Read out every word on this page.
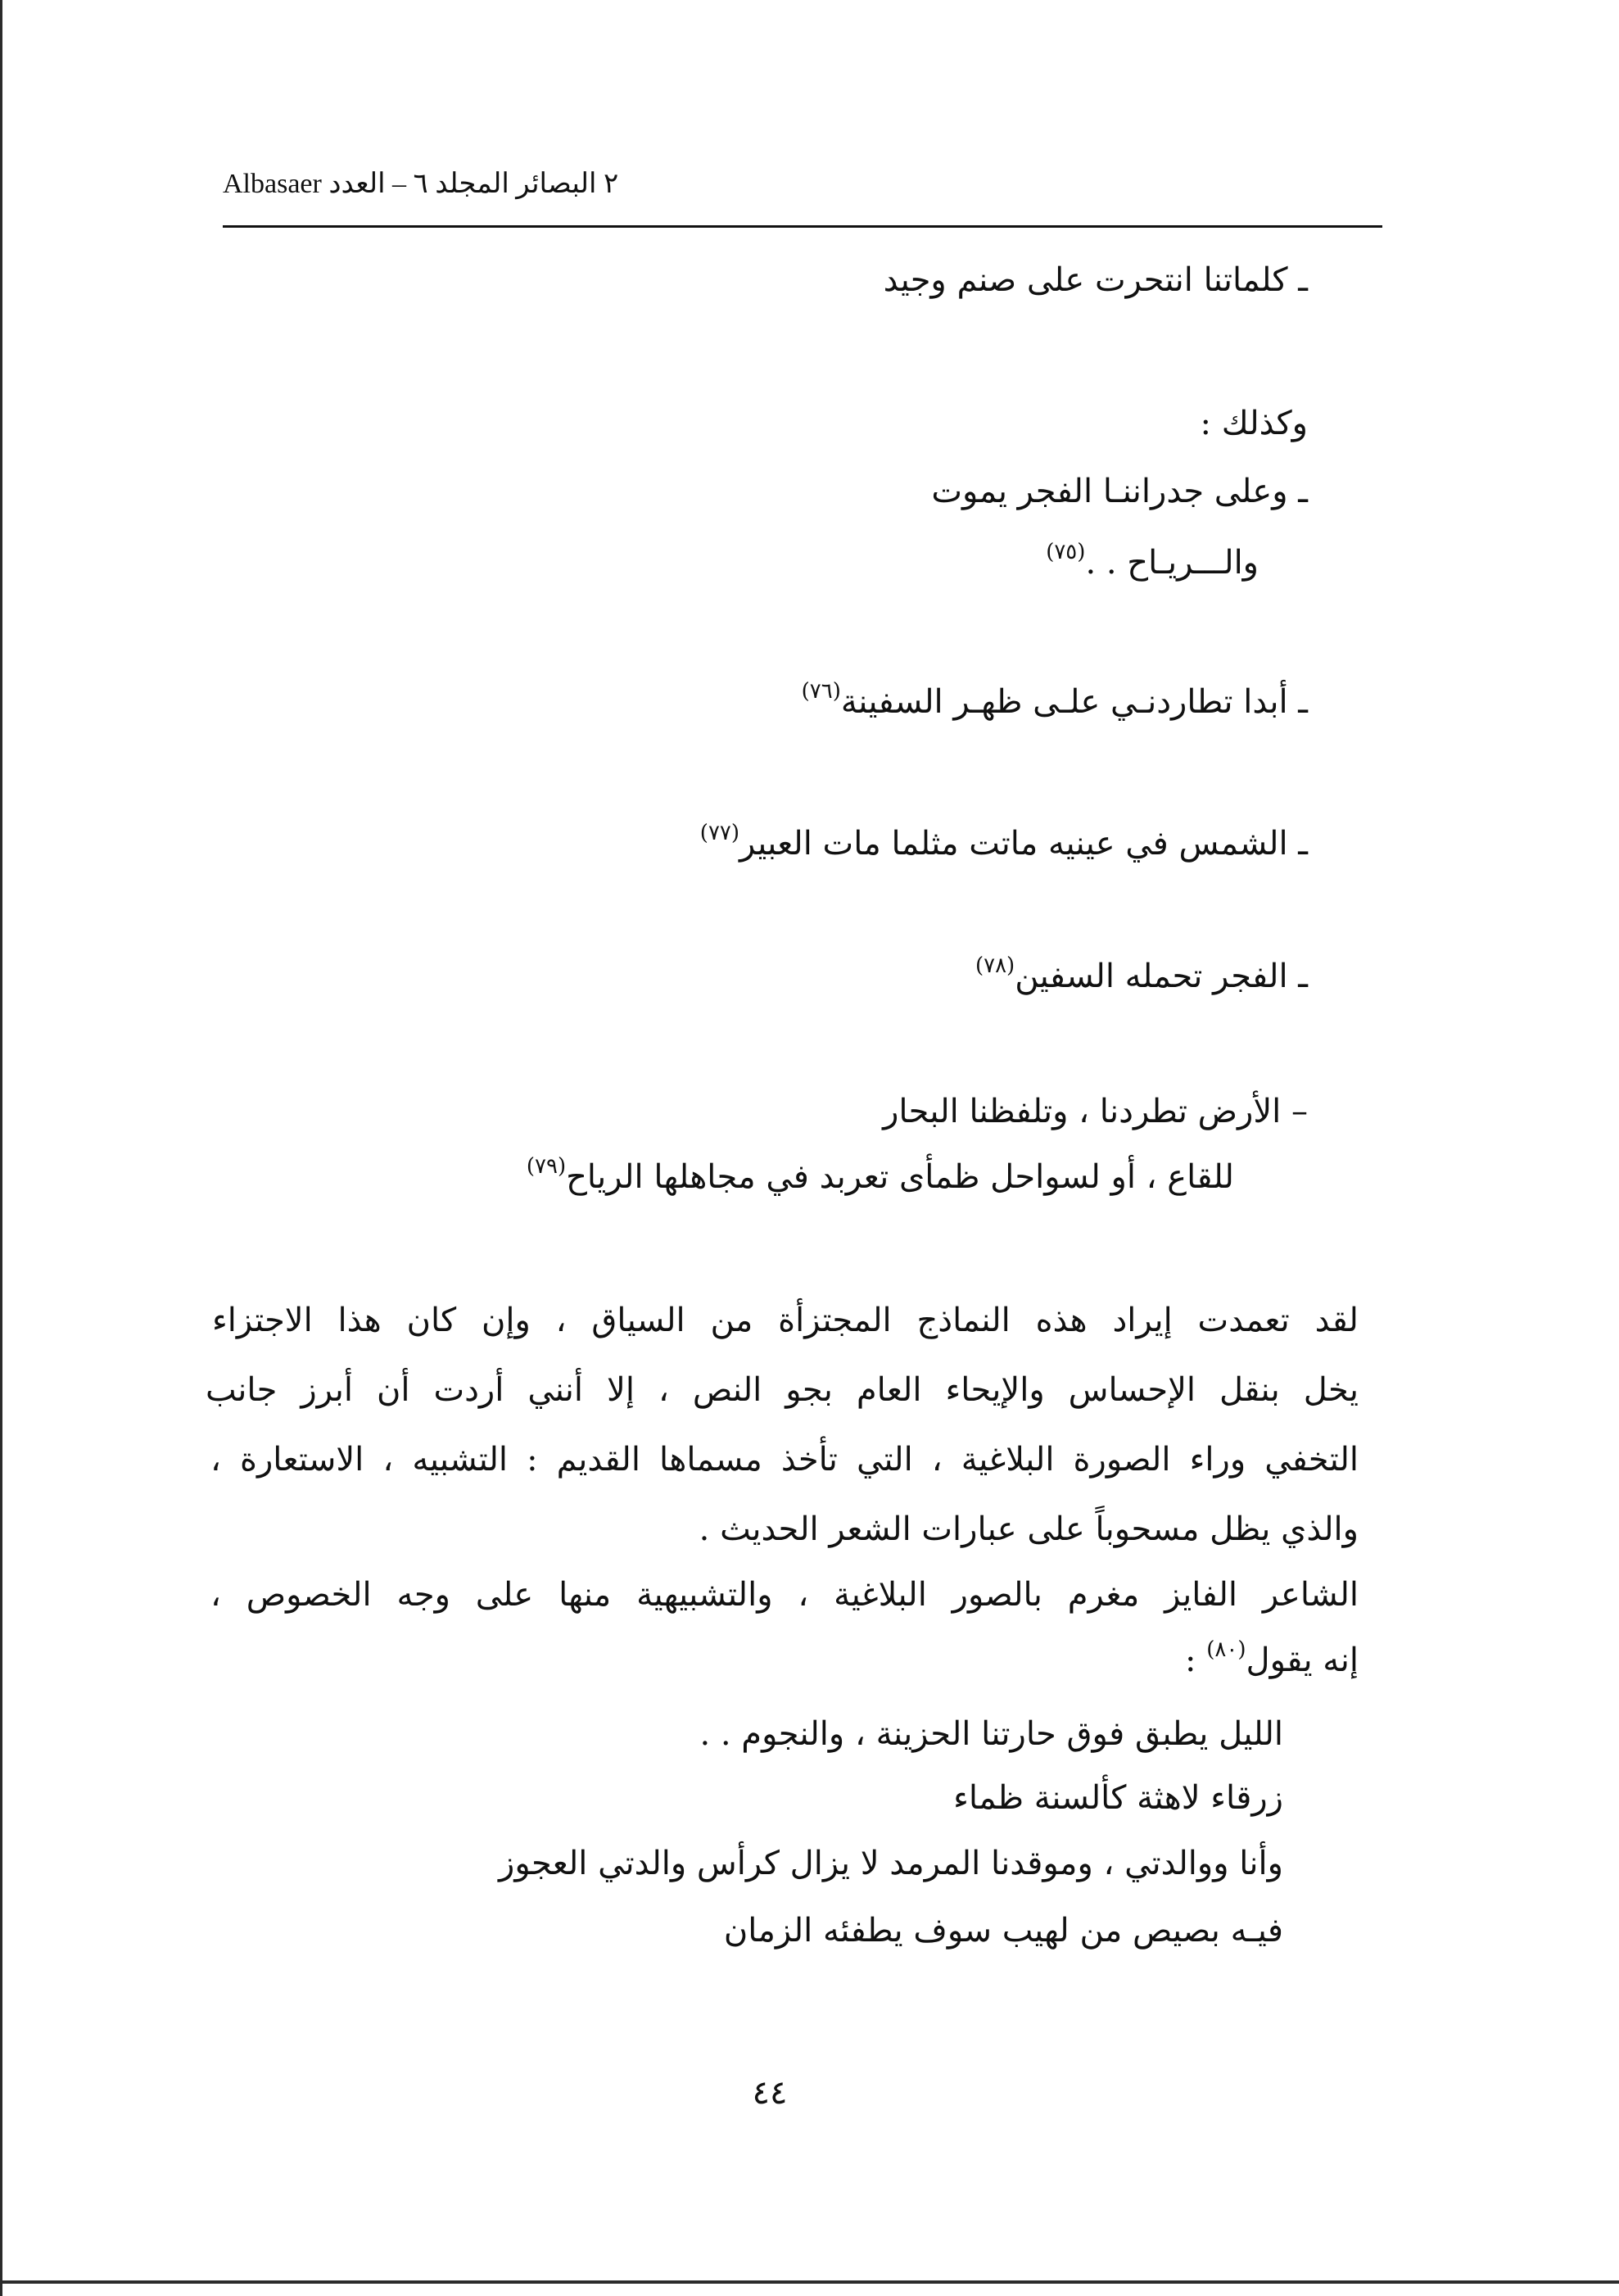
Albasaer ٢ البصائر المجلد ٦ – العدد
ـ كلماتنا انتحرت على صنم وجيد
وكذلك :
ـ وعلى جدراننـا الفجر يموت
والـــريـاح . .$^{(٧٥)}$
ـ أبدا تطاردنـي علـى ظهـر السفينة$^{(٧٦)}$
ـ الشمس في عينيه ماتت مثلما مات العبير$^{(٧٧)}$
ـ الفجر تحمله السفين$^{(٧٨)}$
– الأرض تطردنا ، وتلفظنا البحار
للقاع ، أو لسواحل ظمأى تعربد في مجاهلها الرياح$^{(٧٩)}$
لقد تعمدت إيراد هذه النماذج المجتزأة من السياق ، وإن كان هذا الاجتزاء
يخل بنقل الإحساس والإيحاء العام بجو النص ، إلا أنني أردت أن أبرز جانب
التخفي وراء الصورة البلاغية ، التي تأخذ مسماها القديم : التشبيه ، الاستعارة ،
والذي يظل مسحوباً على عبارات الشعر الحديث .
الشاعر الفايز مغرم بالصور البلاغية ، والتشبيهية منها على وجه الخصوص ،
إنه يقول$^{(٨٠)}$ :
الليل يطبق فوق حارتنا الحزينة ، والنجوم . .
زرقاء لاهثة كألسنة ظماء
وأنا ووالدتي ، وموقدنا المرمد لا يزال كرأس والدتي العجوز
فيـه بصيص من لهيب سوف يطفئه الزمان
٤٤
